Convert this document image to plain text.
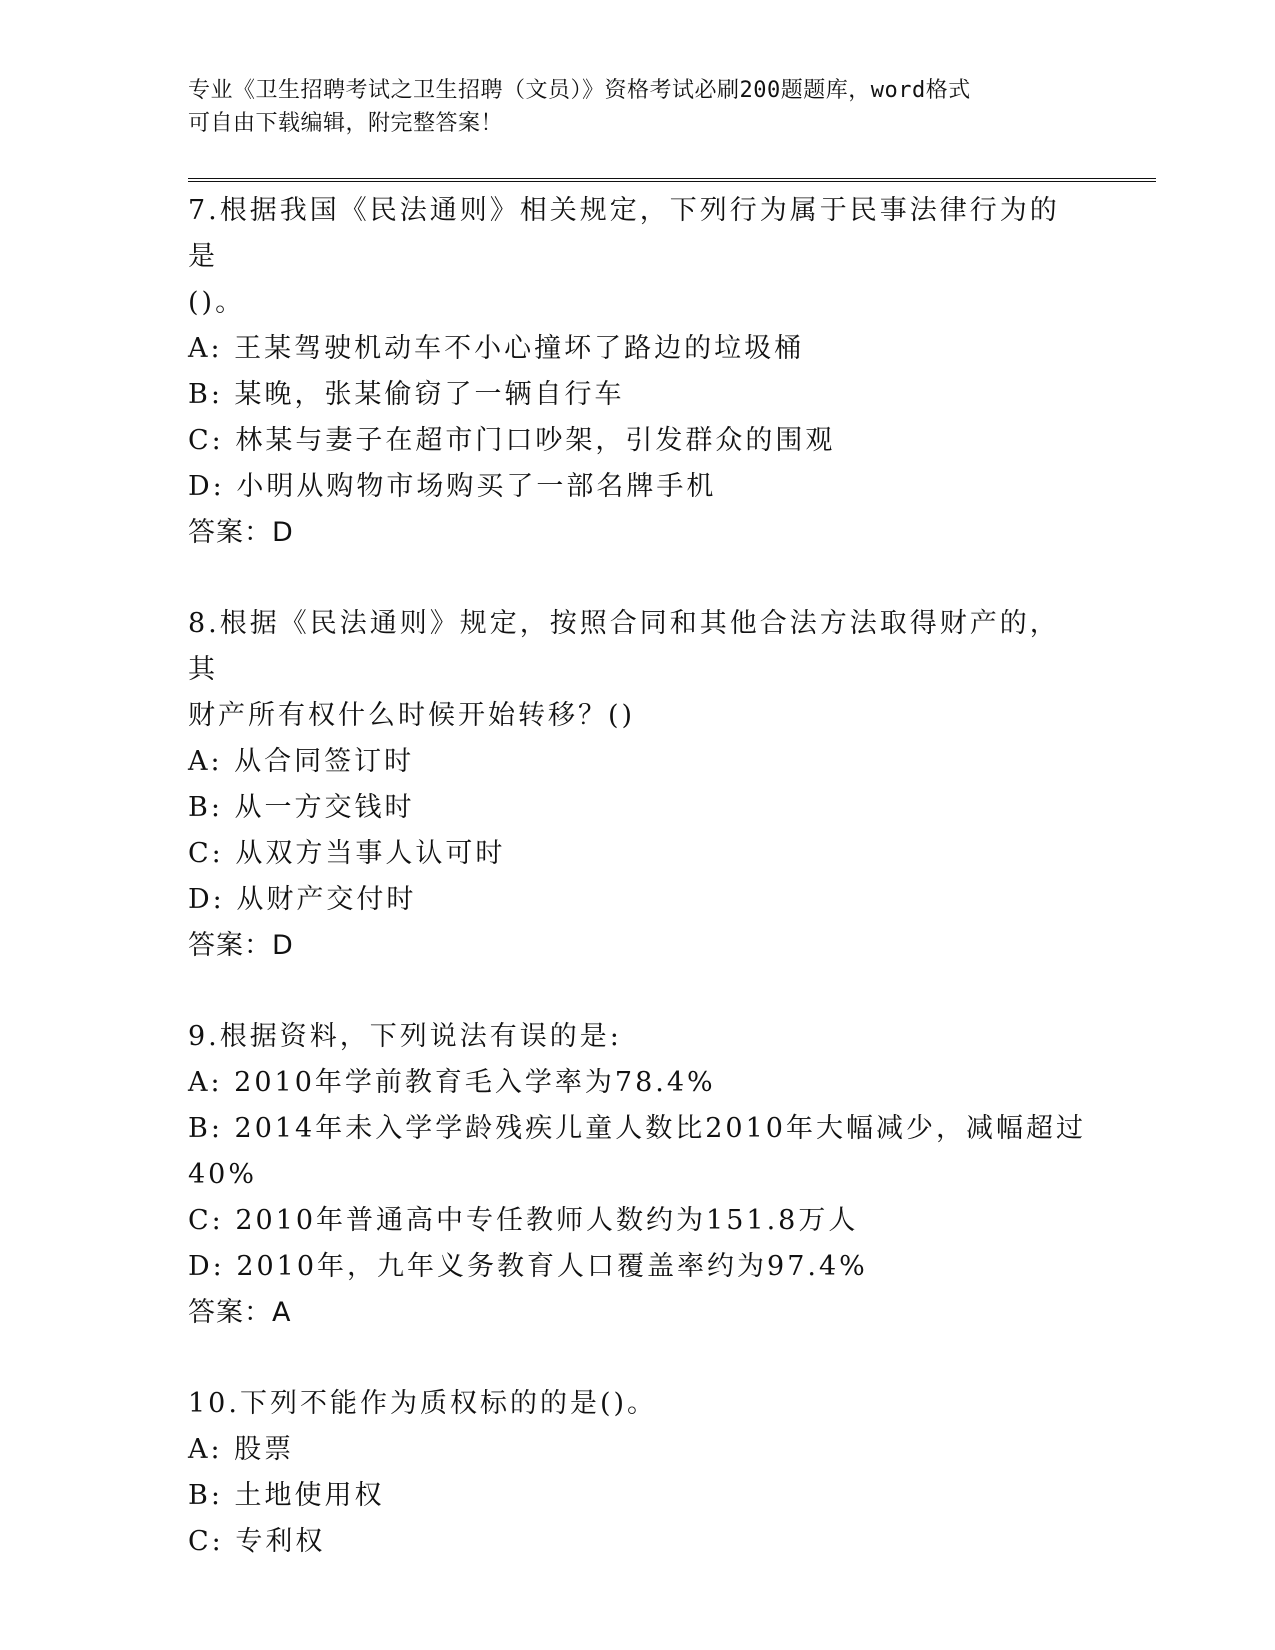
专业《卫生招聘考试之卫生招聘（文员）》资格考试必刷200题题库，word格式
可自由下载编辑，附完整答案！

7.根据我国《民法通则》相关规定，下列行为属于民事法律行为的是

()。

A: 王某驾驶机动车不小心撞坏了路边的垃圾桶

B: 某晚，张某偷窃了一辆自行车

C: 林某与妻子在超市门口吵架，引发群众的围观

D: 小明从购物市场购买了一部名牌手机

答案：D

8.根据《民法通则》规定，按照合同和其他合法方法取得财产的，其

财产所有权什么时候开始转移？()

A: 从合同签订时

B: 从一方交钱时

C: 从双方当事人认可时

D: 从财产交付时

答案：D

9.根据资料，下列说法有误的是:

A: 2010年学前教育毛入学率为78.4%

B: 2014年未入学学龄残疾儿童人数比2010年大幅减少，减幅超过

40%

C: 2010年普通高中专任教师人数约为151.8万人

D: 2010年，九年义务教育人口覆盖率约为97.4%

答案：A

10.下列不能作为质权标的的是()。

A: 股票

B: 土地使用权

C: 专利权
